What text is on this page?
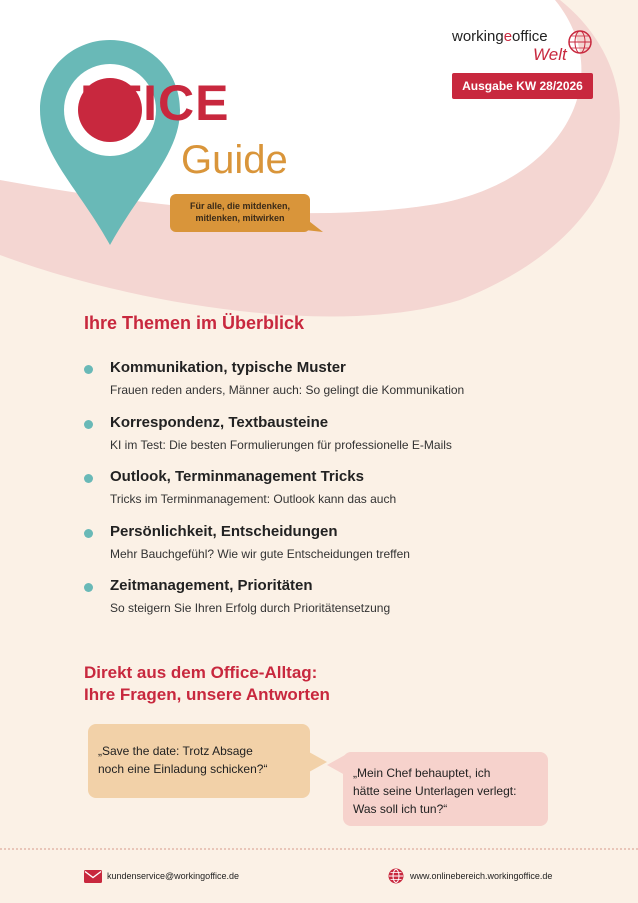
FFICE
Guide
Für alle, die mitdenken,
mitlenken, mitwirken
workingeoffice
Welt
Ausgabe KW 28/2026
Ihre Themen im Überblick
Kommunikation, typische Muster
Frauen reden anders, Männer auch: So gelingt die Kommunikation
Korrespondenz, Textbausteine
KI im Test: Die besten Formulierungen für professionelle E-Mails
Outlook, Terminmanagement Tricks
Tricks im Terminmanagement: Outlook kann das auch
Persönlichkeit, Entscheidungen
Mehr Bauchgefühl? Wie wir gute Entscheidungen treffen
Zeitmanagement, Prioritäten
So steigern Sie Ihren Erfolg durch Prioritätensetzung
Direkt aus dem Office-Alltag:
Ihre Fragen, unsere Antworten
„Save the date: Trotz Absage
noch eine Einladung schicken?“	„Mein Chef behauptet, ich
hätte seine Unterlagen verlegt:
Was soll ich tun?“
kundenservice@workingoffice.de	www.onlinebereich.workingoffice.de
